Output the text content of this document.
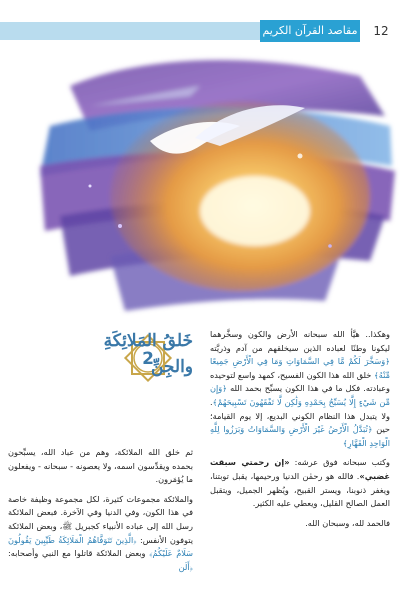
مقاصد القرآن الكريم	12
2
خَلقُ المَلائِكَةِ
والجِنِّ

وهكذا.. هيَّأ الله سبحانه الأرض والكون وسخَّرهما ليكونا وطنًا لعباده الذين سيخلقهم من آدم وذريَّته ﴿وَسَخَّرَ لَكُمْ مَّا فِي السَّمَاوَاتِ وَمَا فِي الْأَرْضِ جَمِيعًا مِّنْهُ﴾ خلق الله هذا الكون الفسيح، كمهد واسع لتوحيده وعبادته. فكل ما في هذا الكون يسبِّح بحمد الله ﴿وَإِن مِّن شَيْءٍ إِلَّا يُسَبِّحُ بِحَمْدِهِ وَلَٰكِن لَّا تَفْقَهُونَ تَسْبِيحَهُمْ﴾. ولا يتبدل هذا النظام الكوني البديع، إلا يوم القيامة؛ حين ﴿تُبَدَّلُ الْأَرْضُ غَيْرَ الْأَرْضِ وَالسَّمَاوَاتُ وَبَرَزُوا لِلَّهِ الْوَاحِدِ الْقَهَّارِ﴾

وكتب سبحانه فوق عرشه: «إن رحمتي سبقت غضبي». فالله هو رحمٰن الدنيا ورحيمها، يقبل توبتنا، ويغفر ذنوبنا، ويستر القبيح، ويُظهر الجميل، ويتقبل العمل الصالح القليل، ويعطي عليه الكثير.

فالحمد لله، وسبحان الله.

ثم خلق الله الملائكة، وهم من عباد الله، يسبِّحون بحمده ويقدِّسون اسمه، ولا يعصونه - سبحانه - ويفعلون ما يُؤمَرون.

والملائكة مجموعات كثيرة، لكل مجموعة وظيفة خاصة في هذا الكون، وفي الدنيا وفي الآخرة. فبعض الملائكة رسل الله إلى عباده الأنبياء كجبريل ﷺ، وبعض الملائكة يتوفون الأنفس: ﴿الَّذِينَ تَتَوَفَّاهُمُ الْمَلَائِكَةُ طَيِّبِينَ يَقُولُونَ سَلَامٌ عَلَيْكُمُ﴾ وبعض الملائكة قاتلوا مع النبي وأصحابه: ﴿أَلَن
